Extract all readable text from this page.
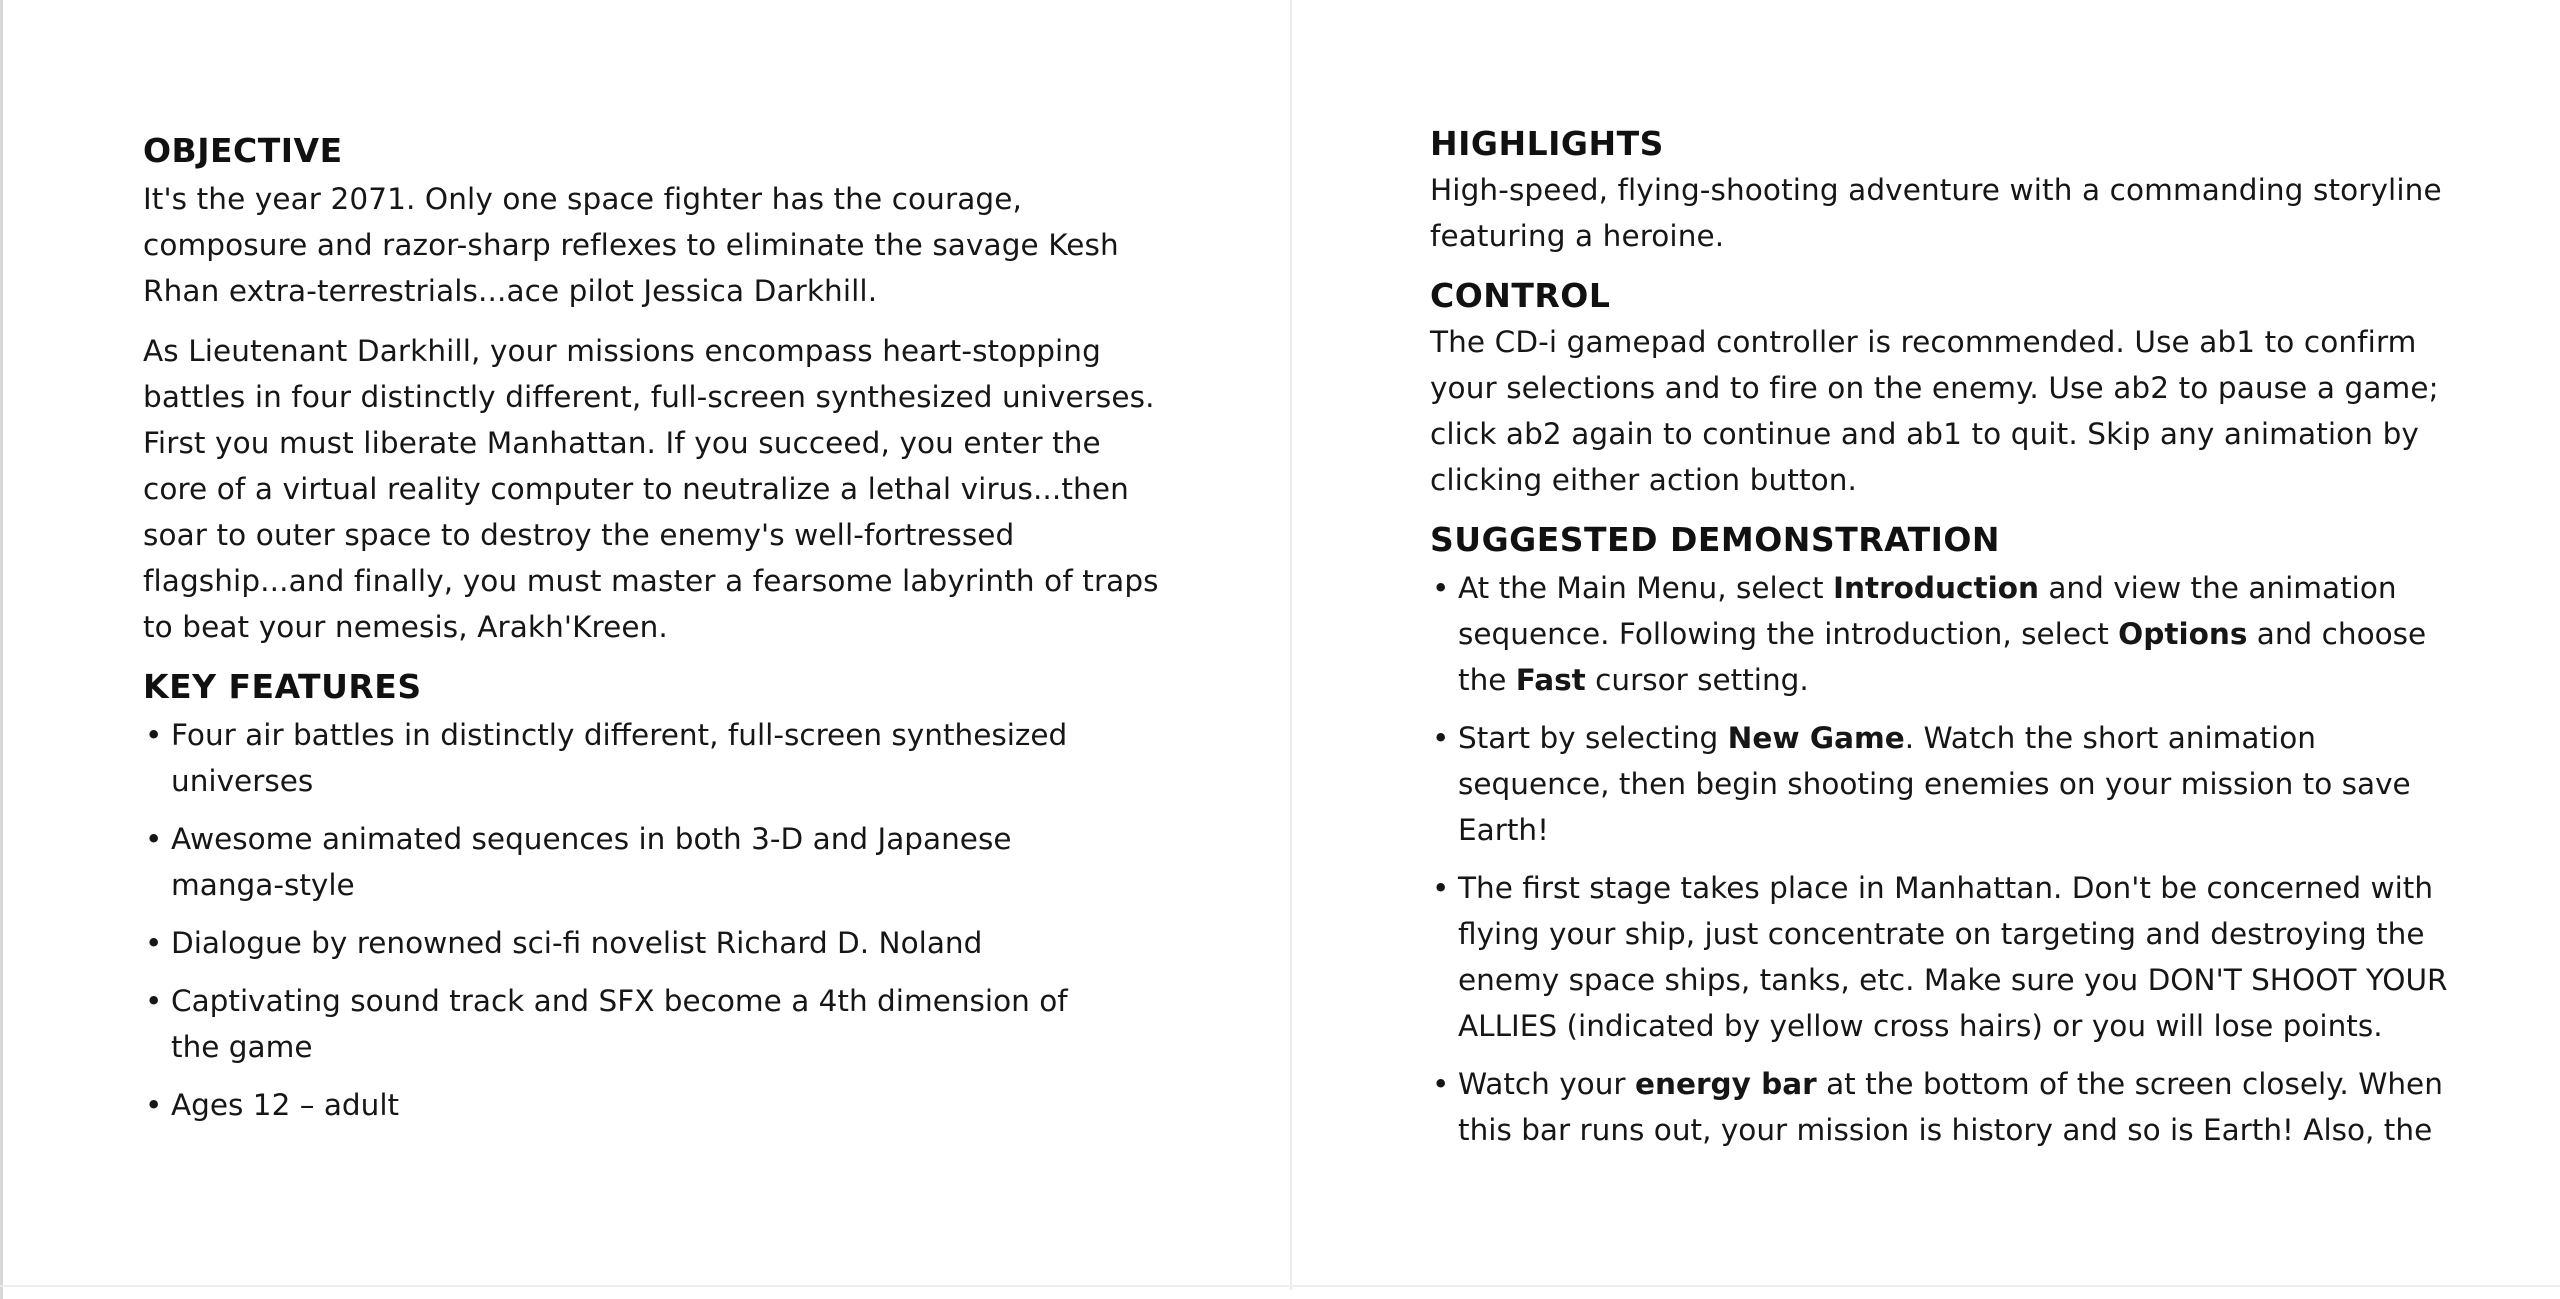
OBJECTIVE

It's the year 2071. Only one space fighter has the courage, composure and razor-sharp reflexes to eliminate the savage Kesh Rhan extra-terrestrials...ace pilot Jessica Darkhill.

As Lieutenant Darkhill, your missions encompass heart-stopping battles in four distinctly different, full-screen synthesized universes. First you must liberate Manhattan. If you succeed, you enter the core of a virtual reality computer to neutralize a lethal virus...then soar to outer space to destroy the enemy's well-fortressed flagship...and finally, you must master a fearsome labyrinth of traps to beat your nemesis, Arakh'Kreen.

KEY FEATURES
• Four air battles in distinctly different, full-screen synthesized universes
• Awesome animated sequences in both 3-D and Japanese manga-style
• Dialogue by renowned sci-fi novelist Richard D. Noland
• Captivating sound track and SFX become a 4th dimension of the game
• Ages 12 – adult
HIGHLIGHTS

High-speed, flying-shooting adventure with a commanding storyline featuring a heroine.

CONTROL

The CD-i gamepad controller is recommended. Use ab1 to confirm your selections and to fire on the enemy. Use ab2 to pause a game; click ab2 again to continue and ab1 to quit. Skip any animation by clicking either action button.

SUGGESTED DEMONSTRATION
• At the Main Menu, select Introduction and view the animation sequence. Following the introduction, select Options and choose the Fast cursor setting.
• Start by selecting New Game. Watch the short animation sequence, then begin shooting enemies on your mission to save Earth!
• The first stage takes place in Manhattan. Don't be concerned with flying your ship, just concentrate on targeting and destroying the enemy space ships, tanks, etc. Make sure you DON'T SHOOT YOUR ALLIES (indicated by yellow cross hairs) or you will lose points.
• Watch your energy bar at the bottom of the screen closely. When this bar runs out, your mission is history and so is Earth! Also, the
